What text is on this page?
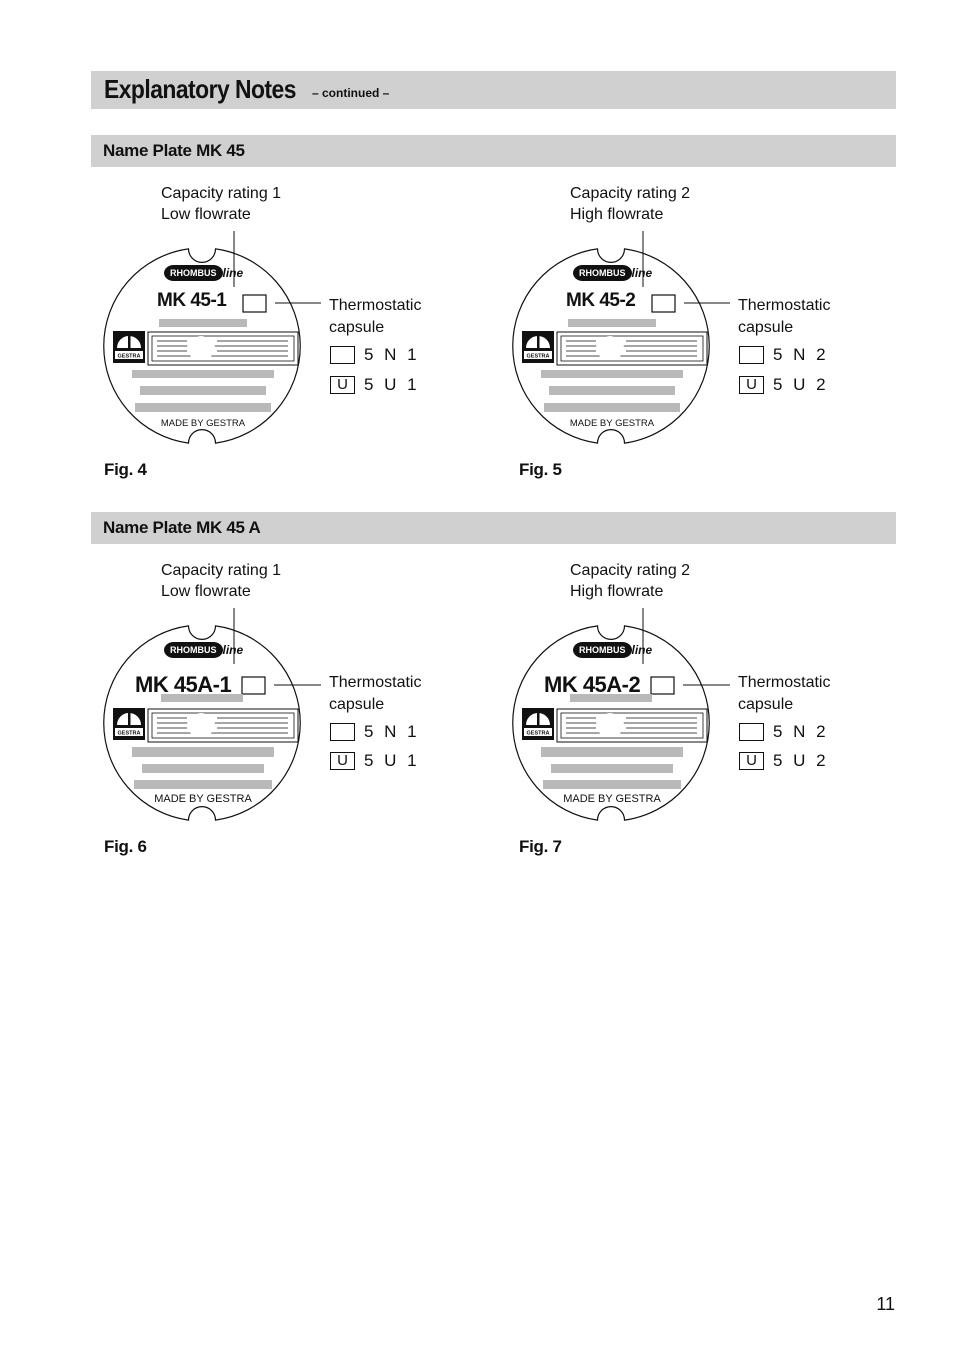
Explanatory Notes – continued –
Name Plate MK 45
Name Plate MK 45 A
GESTRA
Capacity rating 1
Low flowrate
RHOMBUS line
MK 45-1
MADE BY GESTRA
Thermostatic
capsule
5 N 1
U 5 U 1
GESTRA
Capacity rating 2
High flowrate
RHOMBUS line
MK 45-2
MADE BY GESTRA
Thermostatic
capsule
5 N 2
U 5 U 2
GESTRA
Capacity rating 1
Low flowrate
RHOMBUS line
MK 45A-1
MADE BY GESTRA
Thermostatic
capsule
5 N 1
U 5 U 1
GESTRA
Capacity rating 2
High flowrate
RHOMBUS line
MK 45A-2
MADE BY GESTRA
Thermostatic
capsule
5 N 2
U 5 U 2
Fig. 4	Fig. 5
Fig. 6	Fig. 7
11
